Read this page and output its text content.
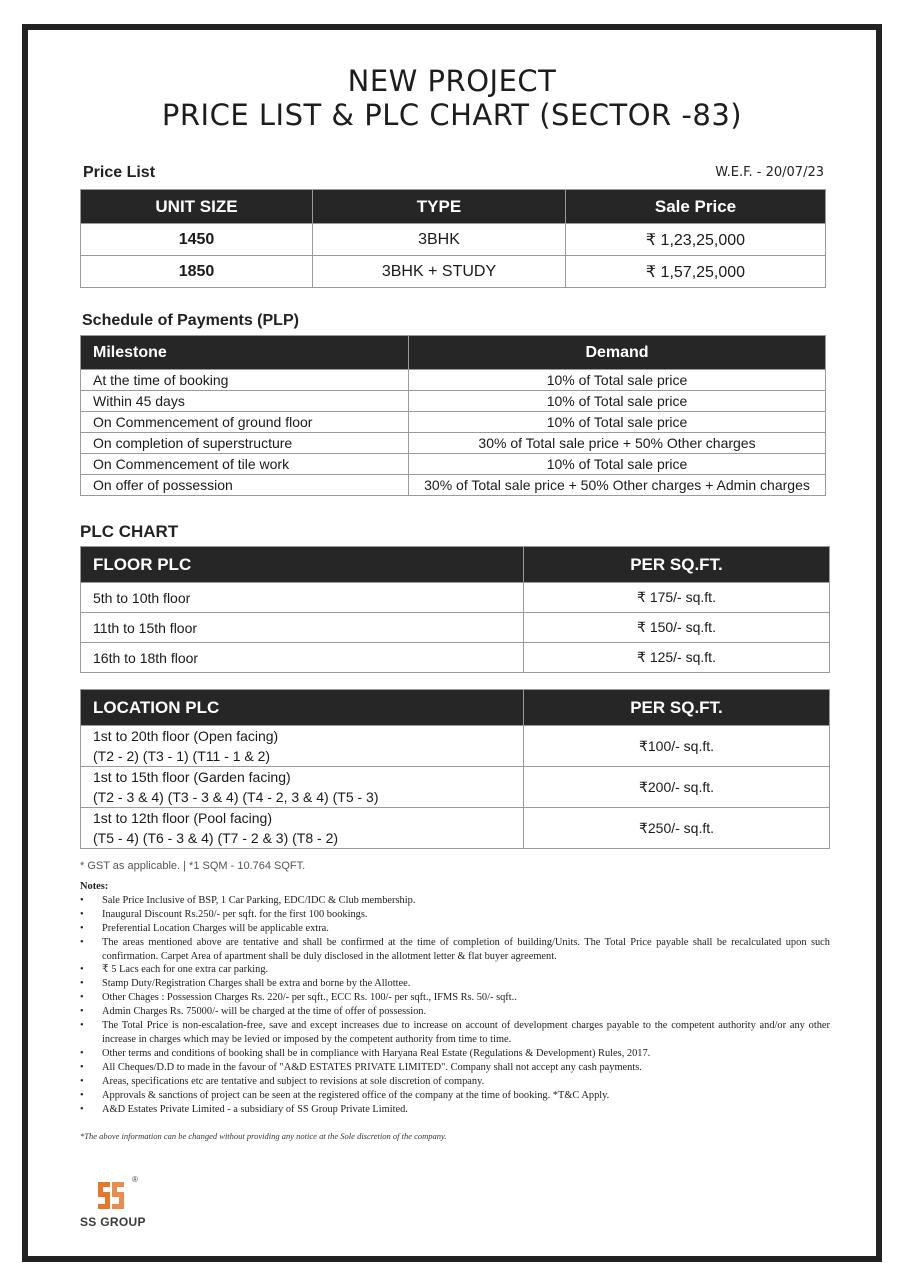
NEW PROJECT
PRICE LIST & PLC CHART (SECTOR -83)
Price List	W.E.F. - 20/07/23
UNIT SIZE	TYPE	Sale Price
1450	3BHK	₹ 1,23,25,000
1850	3BHK + STUDY	₹ 1,57,25,000
Schedule of Payments (PLP)
Milestone	Demand
At the time of booking	10% of Total sale price
Within 45 days	10% of Total sale price
On Commencement of ground floor	10% of Total sale price
On completion of superstructure	30% of Total sale price + 50% Other charges
On Commencement of tile work	10% of Total sale price
On offer of possession	30% of Total sale price + 50% Other charges + Admin charges
PLC CHART
FLOOR PLC	PER SQ.FT.
5th to 10th floor	₹ 175/- sq.ft.
11th to 15th floor	₹ 150/- sq.ft.
16th to 18th floor	₹ 125/- sq.ft.
LOCATION PLC	PER SQ.FT.

1st to 20th floor (Open facing)
(T2 - 2) (T3 - 1) (T11 - 1 & 2)	₹100/- sq.ft.

1st to 15th floor (Garden facing)
(T2 - 3 & 4) (T3 - 3 & 4) (T4 - 2, 3 & 4) (T5 - 3)	₹200/- sq.ft.

1st to 12th floor (Pool facing)
(T5 - 4) (T6 - 3 & 4) (T7 - 2 & 3) (T8 - 2)	₹250/- sq.ft.
* GST as applicable. | *1 SQM - 10.764 SQFT.
Notes:
• Sale Price Inclusive of BSP, 1 Car Parking, EDC/IDC & Club membership.
• Inaugural Discount Rs.250/- per sqft. for the first 100 bookings.
• Preferential Location Charges will be applicable extra.
• The areas mentioned above are tentative and shall be confirmed at the time of completion of building/Units. The Total Price payable shall be recalculated upon such confirmation. Carpet Area of apartment shall be duly disclosed in the allotment letter & flat buyer agreement.
• ₹ 5 Lacs each for one extra car parking.
• Stamp Duty/Registration Charges shall be extra and borne by the Allottee.
• Other Chages : Possession Charges Rs. 220/- per sqft., ECC Rs. 100/- per sqft., IFMS Rs. 50/- sqft..
• Admin Charges Rs. 75000/- will be charged at the time of offer of possession.
• The Total Price is non-escalation-free, save and except increases due to increase on account of development charges payable to the competent authority and/or any other increase in charges which may be levied or imposed by the competent authority from time to time.
• Other terms and conditions of booking shall be in compliance with Haryana Real Estate (Regulations & Development) Rules, 2017.
• All Cheques/D.D to made in the favour of "A&D ESTATES PRIVATE LIMITED". Company shall not accept any cash payments.
• Areas, specifications etc are tentative and subject to revisions at sole discretion of company.
• Approvals & sanctions of project can be seen at the registered office of the company at the time of booking. *T&C Apply.
• A&D Estates Private Limited - a subsidiary of SS Group Private Limited.
*The above information can be changed without providing any notice at the Sole discretion of the company.
®
SS GROUP
